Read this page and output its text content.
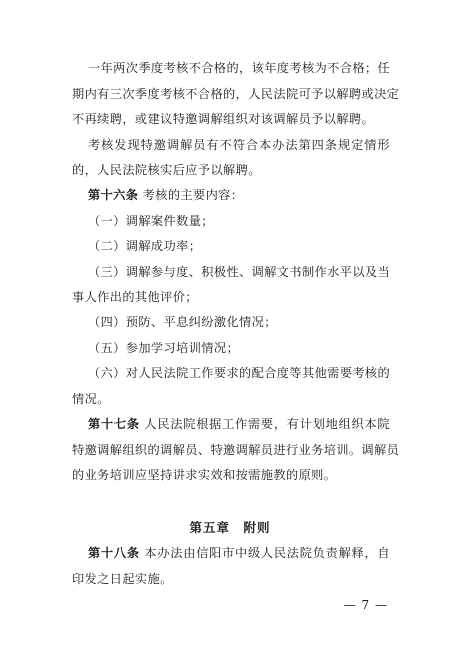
一年两次季度考核不合格的，该年度考核为不合格；任
期内有三次季度考核不合格的，人民法院可予以解聘或决定
不再续聘，或建议特邀调解组织对该调解员予以解聘。
考核发现特邀调解员有不符合本办法第四条规定情形
的，人民法院核实后应予以解聘。
第十六条 考核的主要内容：
（一）调解案件数量；
（二）调解成功率；
（三）调解参与度、积极性、调解文书制作水平以及当
事人作出的其他评价；
（四）预防、平息纠纷激化情况；
（五）参加学习培训情况；
（六）对人民法院工作要求的配合度等其他需要考核的
情况。
第十七条 人民法院根据工作需要，有计划地组织本院
特邀调解组织的调解员、特邀调解员进行业务培训。调解员
的业务培训应坚持讲求实效和按需施教的原则。
第五章　附则
第十八条 本办法由信阳市中级人民法院负责解释，自
印发之日起实施。
— 7 —
